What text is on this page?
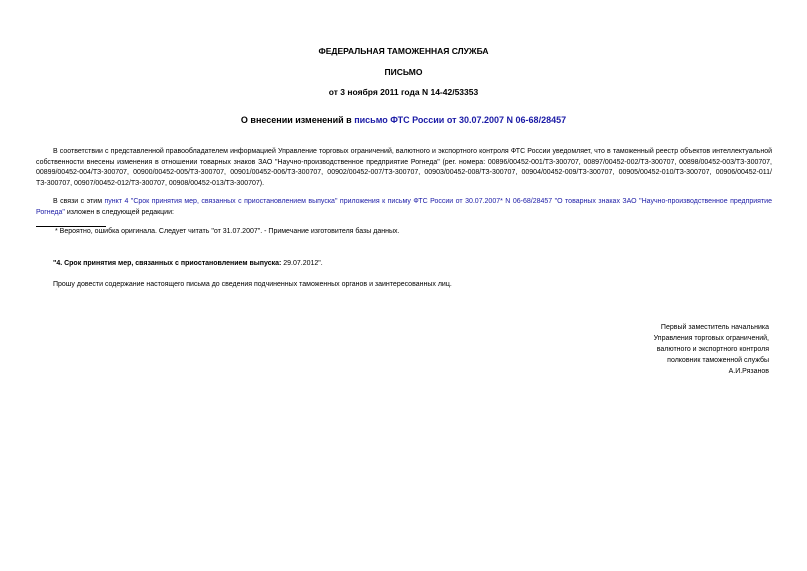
ФЕДЕРАЛЬНАЯ ТАМОЖЕННАЯ СЛУЖБА
ПИСЬМО
от 3 ноября 2011 года N 14-42/53353
О внесении изменений в письмо ФТС России от 30.07.2007 N 06-68/28457
В соответствии с представленной правообладателем информацией Управление торговых ограничений, валютного и экспортного контроля ФТС России уведомляет, что в таможенный реестр объектов интеллектуальной собственности внесены изменения в отношении товарных знаков ЗАО "Научно-производственное предприятие Рогнеда" (рег. номера: 00896/00452-001/ТЗ-300707, 00897/00452-002/ТЗ-300707, 00898/00452-003/ТЗ-300707, 00899/00452-004/ТЗ-300707, 00900/00452-005/ТЗ-300707, 00901/00452-006/ТЗ-300707, 00902/00452-007/ТЗ-300707, 00903/00452-008/ТЗ-300707, 00904/00452-009/ТЗ-300707, 00905/00452-010/ТЗ-300707, 00906/00452-011/ТЗ-300707, 00907/00452-012/ТЗ-300707, 00908/00452-013/ТЗ-300707).
В связи с этим пункт 4 "Срок принятия мер, связанных с приостановлением выпуска" приложения к письму ФТС России от 30.07.2007* N 06-68/28457 "О товарных знаках ЗАО "Научно-производственное предприятие Рогнеда" изложен в следующей редакции:
* Вероятно, ошибка оригинала. Следует читать "от 31.07.2007". - Примечание изготовителя базы данных.
"4. Срок принятия мер, связанных с приостановлением выпуска: 29.07.2012".
Прошу довести содержание настоящего письма до сведения подчиненных таможенных органов и заинтересованных лиц.
Первый заместитель начальника
Управления торговых ограничений,
валютного и экспортного контроля
полковник таможенной службы
А.И.Рязанов
